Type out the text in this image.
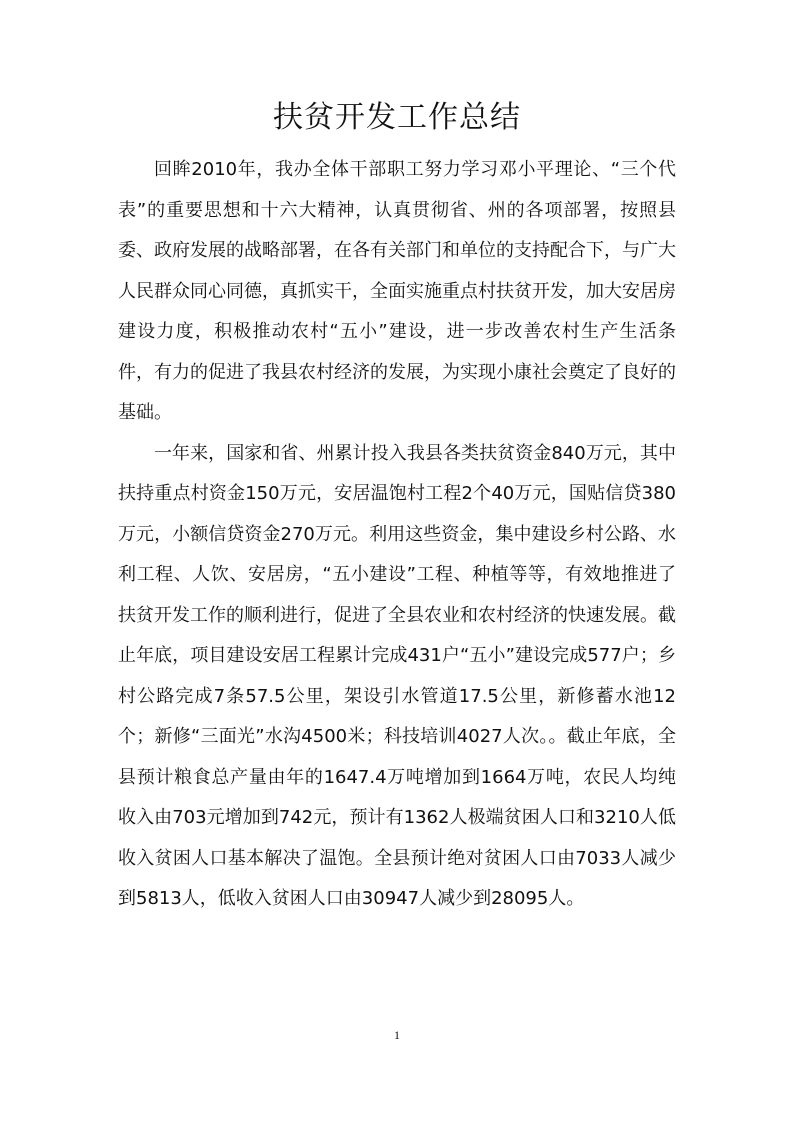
扶贫开发工作总结

回眸2010年，我办全体干部职工努力学习邓小平理论、“三个代表”的重要思想和十六大精神，认真贯彻省、州的各项部署，按照县委、政府发展的战略部署，在各有关部门和单位的支持配合下，与广大人民群众同心同德，真抓实干，全面实施重点村扶贫开发，加大安居房建设力度，积极推动农村“五小”建设，进一步改善农村生产生活条件，有力的促进了我县农村经济的发展，为实现小康社会奠定了良好的基础。

一年来，国家和省、州累计投入我县各类扶贫资金840万元，其中扶持重点村资金150万元，安居温饱村工程2个40万元，国贴信贷380万元，小额信贷资金270万元。利用这些资金，集中建设乡村公路、水利工程、人饮、安居房，“五小建设”工程、种植等等，有效地推进了扶贫开发工作的顺利进行，促进了全县农业和农村经济的快速发展。截止年底，项目建设安居工程累计完成431户“五小”建设完成577户；乡村公路完成7条57.5公里，架设引水管道17.5公里，新修蓄水池12个；新修“三面光”水沟4500米；科技培训4027人次。。截止年底，全县预计粮食总产量由年的1647.4万吨增加到1664万吨，农民人均纯收入由703元增加到742元，预计有1362人极端贫困人口和3210人低收入贫困人口基本解决了温饱。全县预计绝对贫困人口由7033人减少到5813人，低收入贫困人口由30947人减少到28095人。

1
